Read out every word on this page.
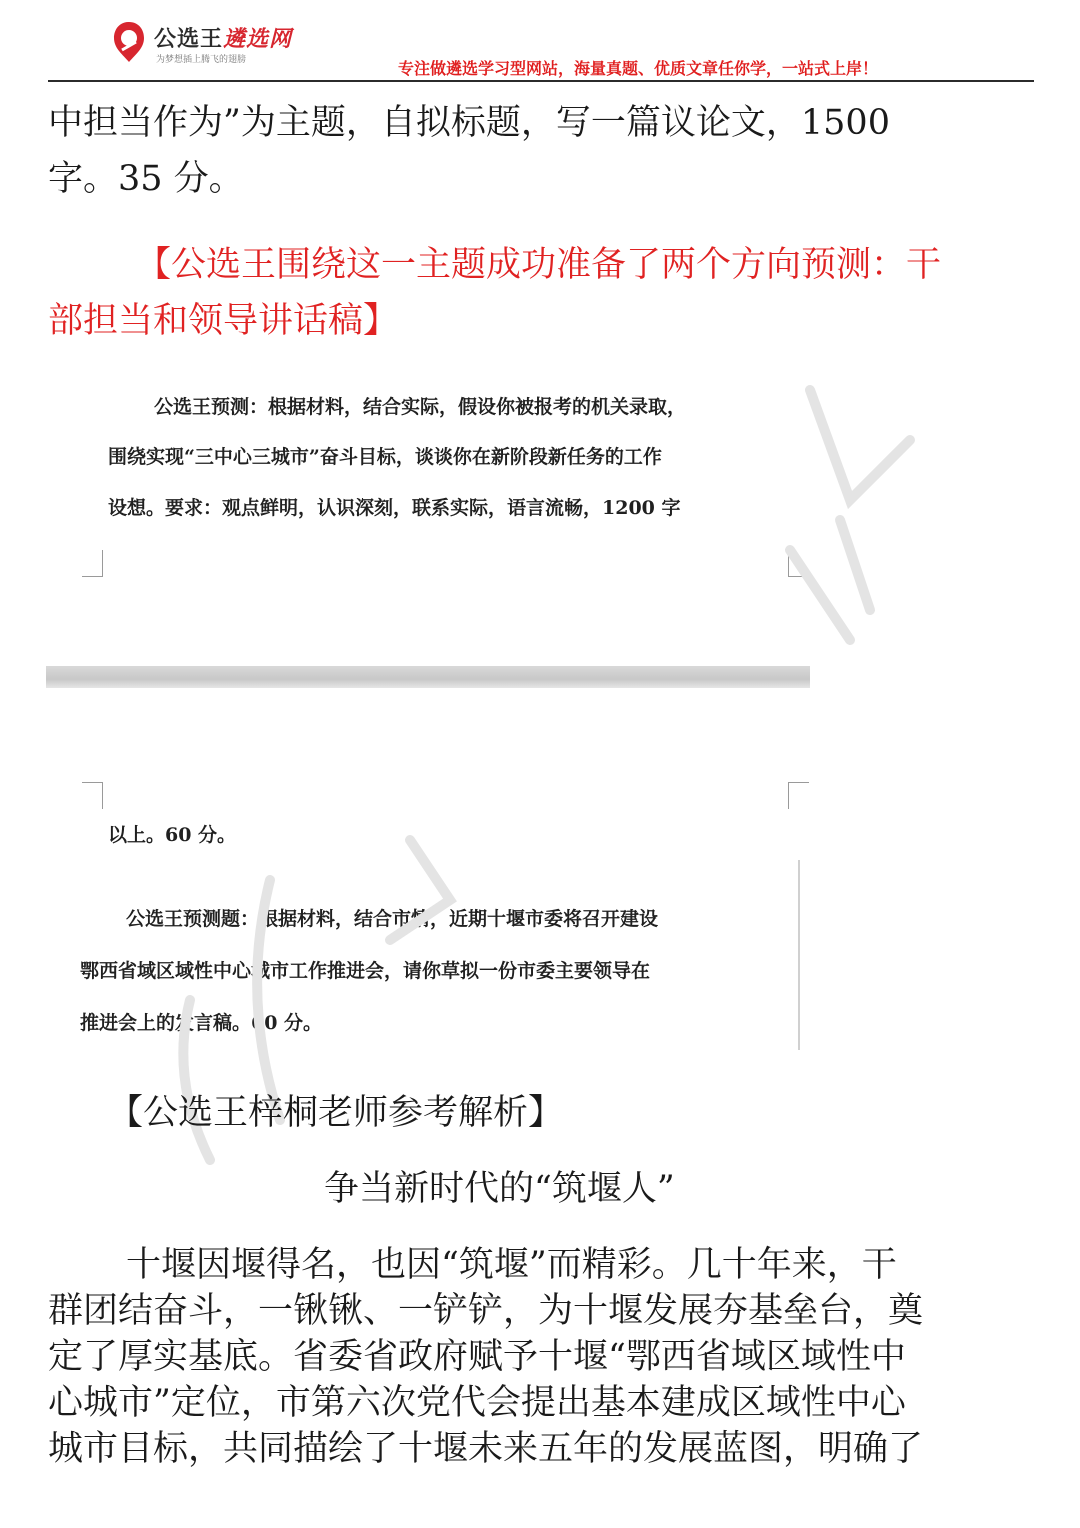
公选王遴选网
为梦想插上腾飞的翅膀	专注做遴选学习型网站，海量真题、优质文章任你学，一站式上岸！
中担当作为”为主题，自拟标题，写一篇议论文，1500
字。35 分。
【公选王围绕这一主题成功准备了两个方向预测：干
部担当和领导讲话稿】
公选王预测：根据材料，结合实际，假设你被报考的机关录取，
围绕实现“三中心三城市”奋斗目标，谈谈你在新阶段新任务的工作
设想。要求：观点鲜明，认识深刻，联系实际，语言流畅，1200 字
以上。60 分。
公选王预测题：根据材料，结合市情，近期十堰市委将召开建设
鄂西省域区域性中心城市工作推进会，请你草拟一份市委主要领导在
推进会上的发言稿。60 分。
【公选王梓桐老师参考解析】
争当新时代的“筑堰人”
十堰因堰得名，也因“筑堰”而精彩。几十年来，干
群团结奋斗，一锹锹、一铲铲，为十堰发展夯基垒台，奠
定了厚实基底。省委省政府赋予十堰“鄂西省域区域性中
心城市”定位，市第六次党代会提出基本建成区域性中心
城市目标，共同描绘了十堰未来五年的发展蓝图，明确了
